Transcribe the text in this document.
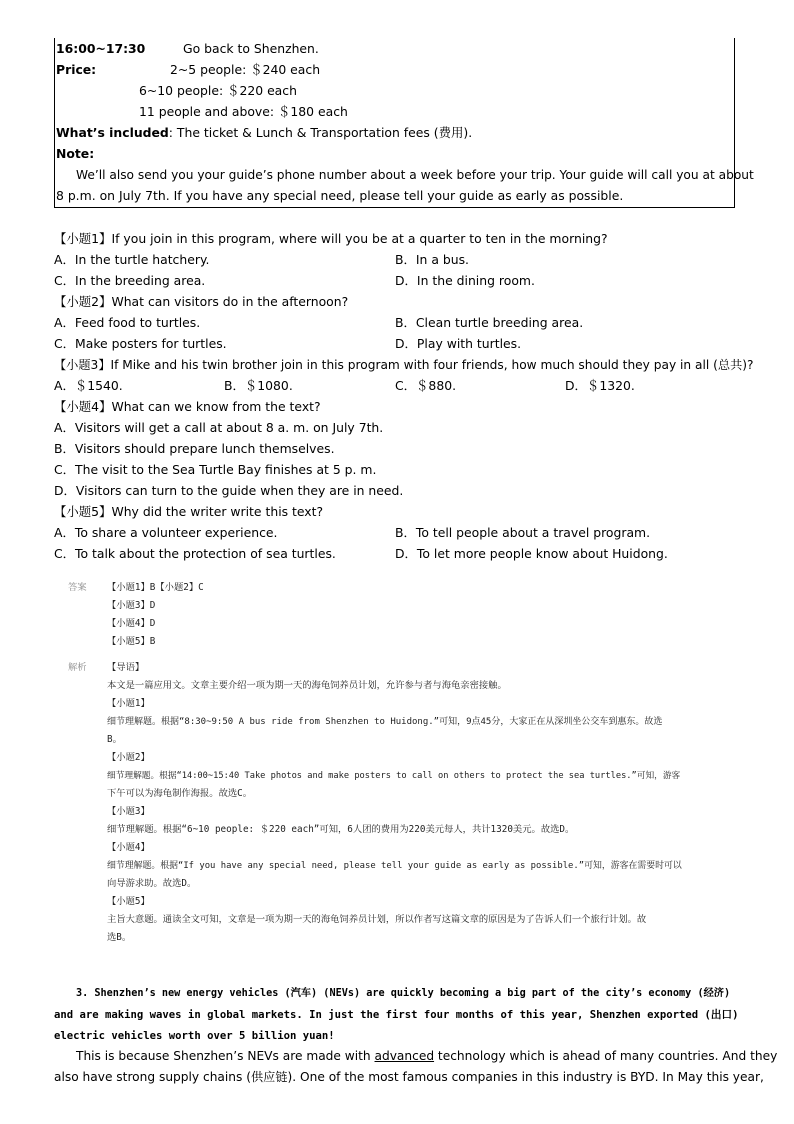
16:00~17:30	Go back to Shenzhen.
Price:	2~5 people: ＄240 each
6~10 people: ＄220 each
11 people and above: ＄180 each
What’s included: The ticket & Lunch & Transportation fees (费用).
Note:
We’ll also send you your guide’s phone number about a week before your trip. Your guide will call you at about
8 p.m. on July 7th. If you have any special need, please tell your guide as early as possible.
【小题1】If you join in this program, where will you be at a quarter to ten in the morning?
A．In the turtle hatchery.	B．In a bus.
C．In the breeding area.	D．In the dining room.
【小题2】What can visitors do in the afternoon?
A．Feed food to turtles.	B．Clean turtle breeding area.
C．Make posters for turtles.	D．Play with turtles.
【小题3】If Mike and his twin brother join in this program with four friends, how much should they pay in all (总共)?
A．＄1540.	B．＄1080.	C．＄880.	D．＄1320.
【小题4】What can we know from the text?
A．Visitors will get a call at about 8 a. m. on July 7th.
B．Visitors should prepare lunch themselves.
C．The visit to the Sea Turtle Bay finishes at 5 p. m.
D．Visitors can turn to the guide when they are in need.
【小题5】Why did the writer write this text?
A．To share a volunteer experience.	B．To tell people about a travel program.
C．To talk about the protection of sea turtles.	D．To let more people know about Huidong.
答案 【小题1】B【小题2】C
【小题3】D
【小题4】D
【小题5】B
解析 【导语】
本文是一篇应用文。文章主要介绍一项为期一天的海龟饲养员计划，允许参与者与海龟亲密接触。
【小题1】
细节理解题。根据“8:30~9:50 A bus ride from Shenzhen to Huidong.”可知，9点45分，大家正在从深圳坐公交车到惠东。故选
B。
【小题2】
细节理解题。根据“14:00~15:40 Take photos and make posters to call on others to protect the sea turtles.”可知，游客
下午可以为海龟制作海报。故选C。
【小题3】
细节理解题。根据“6~10 people: ＄220 each”可知，6人团的费用为220美元每人，共计1320美元。故选D。
【小题4】
细节理解题。根据“If you have any special need, please tell your guide as early as possible.”可知，游客在需要时可以
向导游求助。故选D。
【小题5】
主旨大意题。通读全文可知，文章是一项为期一天的海龟饲养员计划，所以作者写这篇文章的原因是为了告诉人们一个旅行计划。故
选B。
3. Shenzhen’s new energy vehicles (汽车) (NEVs) are quickly becoming a big part of the city’s economy (经济)
and are making waves in global markets. In just the first four months of this year, Shenzhen exported (出口)
electric vehicles worth over 5 billion yuan!
This is because Shenzhen’s NEVs are made with advanced technology which is ahead of many countries. And they
also have strong supply chains (供应链). One of the most famous companies in this industry is BYD. In May this year,
